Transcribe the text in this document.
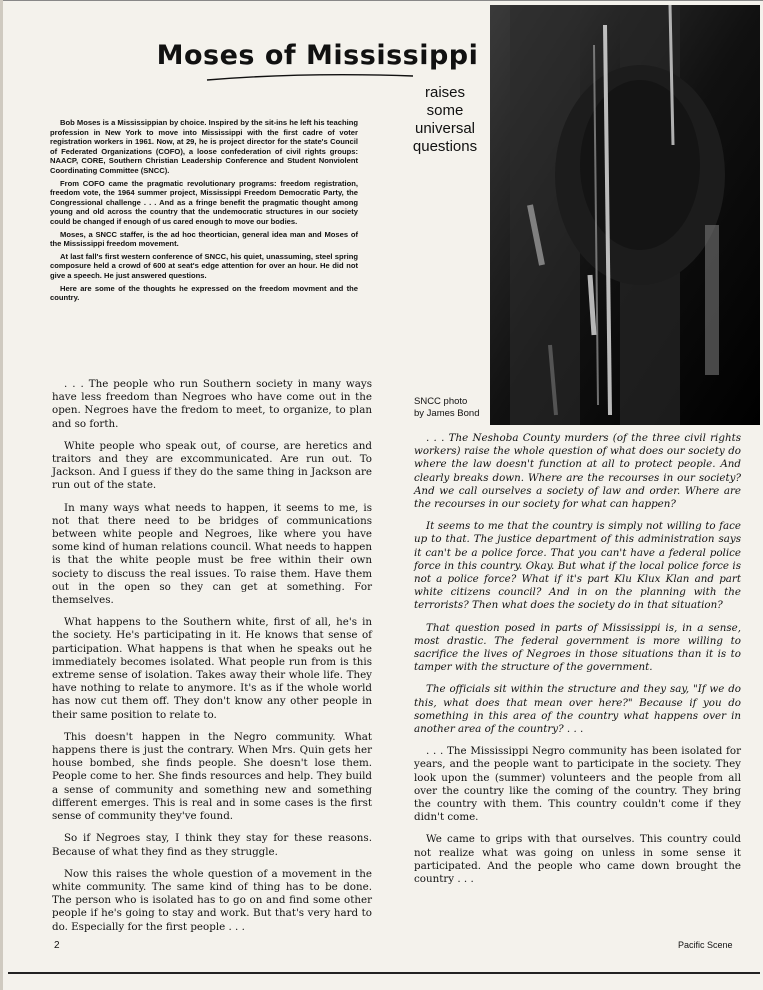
Moses of Mississippi
raises
some
universal
questions
SNCC photo
by James Bond

Bob Moses is a Mississippian by choice. Inspired by the sit-ins he left his teaching profession in New York to move into Mississippi with the first cadre of voter registration workers in 1961. Now, at 29, he is project director for the state's Council of Federated Organizations (COFO), a loose confederation of civil rights groups: NAACP, CORE, Southern Christian Leadership Conference and Student Nonviolent Coordinating Committee (SNCC).

From COFO came the pragmatic revolutionary programs: freedom registration, freedom vote, the 1964 summer project, Mississippi Freedom Democratic Party, the Congressional challenge . . . And as a fringe benefit the pragmatic thought among young and old across the country that the undemocratic structures in our society could be changed if enough of us cared enough to move our bodies.

Moses, a SNCC staffer, is the ad hoc theortician, general idea man and Moses of the Mississippi freedom movement.

At last fall's first western conference of SNCC, his quiet, unassuming, steel spring composure held a crowd of 600 at seat's edge attention for over an hour. He did not give a speech. He just answered questions.

Here are some of the thoughts he expressed on the freedom movment and the country.

. . . The people who run Southern society in many ways have less freedom than Negroes who have come out in the open. Negroes have the fredom to meet, to organize, to plan and so forth.

White people who speak out, of course, are heretics and traitors and they are excommunicated. Are run out. To Jackson. And I guess if they do the same thing in Jackson are run out of the state.

In many ways what needs to happen, it seems to me, is not that there need to be bridges of communications between white people and Negroes, like where you have some kind of human relations council. What needs to happen is that the white people must be free within their own society to discuss the real issues. To raise them. Have them out in the open so they can get at something. For themselves.

What happens to the Southern white, first of all, he's in the society. He's participating in it. He knows that sense of participation. What happens is that when he speaks out he immediately becomes isolated. What people run from is this extreme sense of isolation. Takes away their whole life. They have nothing to relate to anymore. It's as if the whole world has now cut them off. They don't know any other people in their same position to relate to.

This doesn't happen in the Negro community. What happens there is just the contrary. When Mrs. Quin gets her house bombed, she finds people. She doesn't lose them. People come to her. She finds resources and help. They build a sense of community and something new and something different emerges. This is real and in some cases is the first sense of community they've found.

So if Negroes stay, I think they stay for these reasons. Because of what they find as they struggle.

Now this raises the whole question of a movement in the white community. The same kind of thing has to be done. The person who is isolated has to go on and find some other people if he's going to stay and work. But that's very hard to do. Especially for the first people . . .

. . . The Neshoba County murders (of the three civil rights workers) raise the whole question of what does our society do where the law doesn't function at all to protect people. And clearly breaks down. Where are the recourses in our society? And we call ourselves a society of law and order. Where are the recourses in our society for what can happen?

It seems to me that the country is simply not willing to face up to that. The justice department of this administration says it can't be a police force. That you can't have a federal police force in this country. Okay. But what if the local police force is not a police force? What if it's part Klu Klux Klan and part white citizens council? And in on the planning with the terrorists? Then what does the society do in that situation?

That question posed in parts of Mississippi is, in a sense, most drastic. The federal government is more willing to sacrifice the lives of Negroes in those situations than it is to tamper with the structure of the government.

The officials sit within the structure and they say, "If we do this, what does that mean over here?" Because if you do something in this area of the country what happens over in another area of the country? . . .

. . . The Mississippi Negro community has been isolated for years, and the people want to participate in the society. They look upon the (summer) volunteers and the people from all over the country like the coming of the country. They bring the country with them. This country couldn't come if they didn't come.

We came to grips with that ourselves. This country could not realize what was going on unless in some sense it participated. And the people who came down brought the country . . .

2	Pacific Scene
